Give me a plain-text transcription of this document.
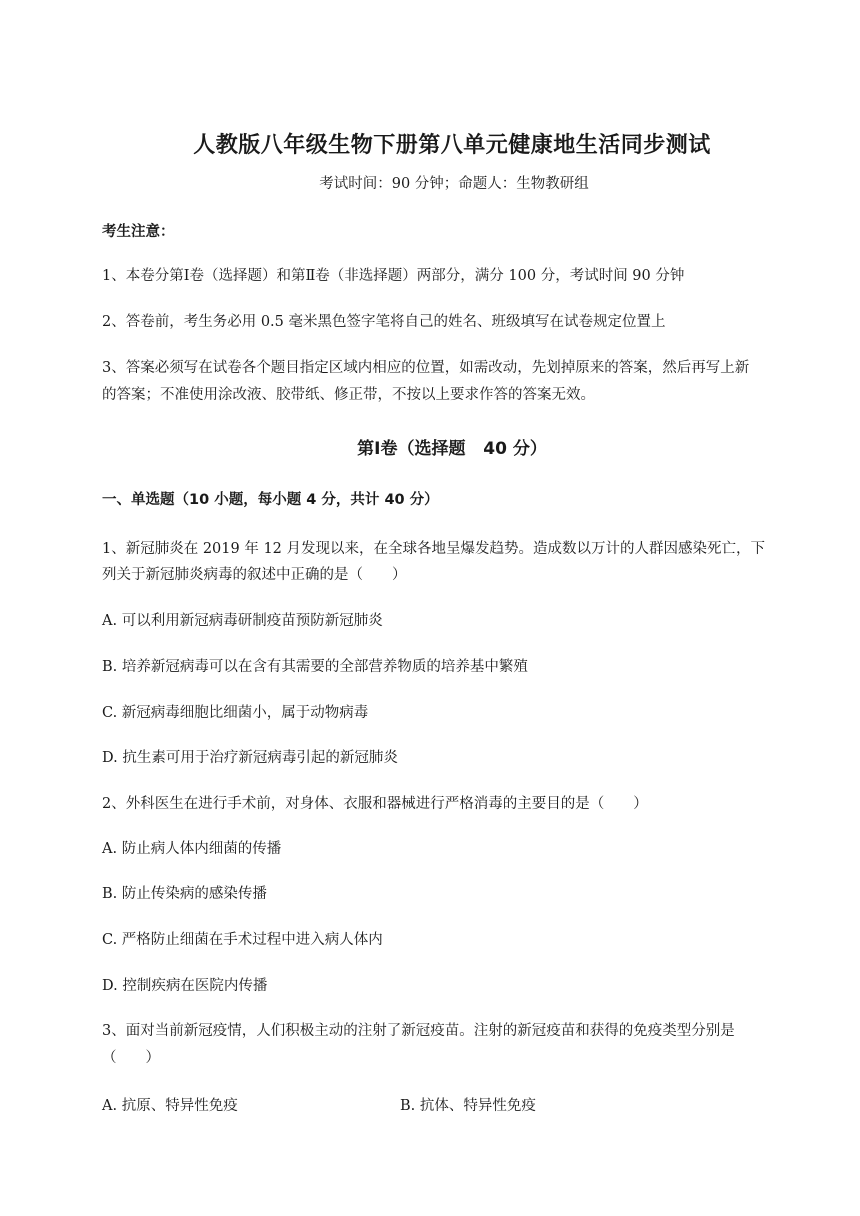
人教版八年级生物下册第八单元健康地生活同步测试
考试时间：90 分钟；命题人：生物教研组
考生注意：
1、本卷分第Ⅰ卷（选择题）和第Ⅱ卷（非选择题）两部分，满分 100 分，考试时间 90 分钟
2、答卷前，考生务必用 0.5 毫米黑色签字笔将自己的姓名、班级填写在试卷规定位置上
3、答案必须写在试卷各个题目指定区域内相应的位置，如需改动，先划掉原来的答案，然后再写上新
的答案；不准使用涂改液、胶带纸、修正带，不按以上要求作答的答案无效。
第Ⅰ卷（选择题   40 分）
一、单选题（10 小题，每小题 4 分，共计 40 分）
1、新冠肺炎在 2019 年 12 月发现以来，在全球各地呈爆发趋势。造成数以万计的人群因感染死亡，下
列关于新冠肺炎病毒的叙述中正确的是（　　）
A. 可以利用新冠病毒研制疫苗预防新冠肺炎
B. 培养新冠病毒可以在含有其需要的全部营养物质的培养基中繁殖
C. 新冠病毒细胞比细菌小，属于动物病毒
D. 抗生素可用于治疗新冠病毒引起的新冠肺炎
2、外科医生在进行手术前，对身体、衣服和器械进行严格消毒的主要目的是（　　）
A. 防止病人体内细菌的传播
B. 防止传染病的感染传播
C. 严格防止细菌在手术过程中进入病人体内
D. 控制疾病在医院内传播
3、面对当前新冠疫情，人们积极主动的注射了新冠疫苗。注射的新冠疫苗和获得的免疫类型分别是
（　　）
A. 抗原、特异性免疫	B. 抗体、特异性免疫
